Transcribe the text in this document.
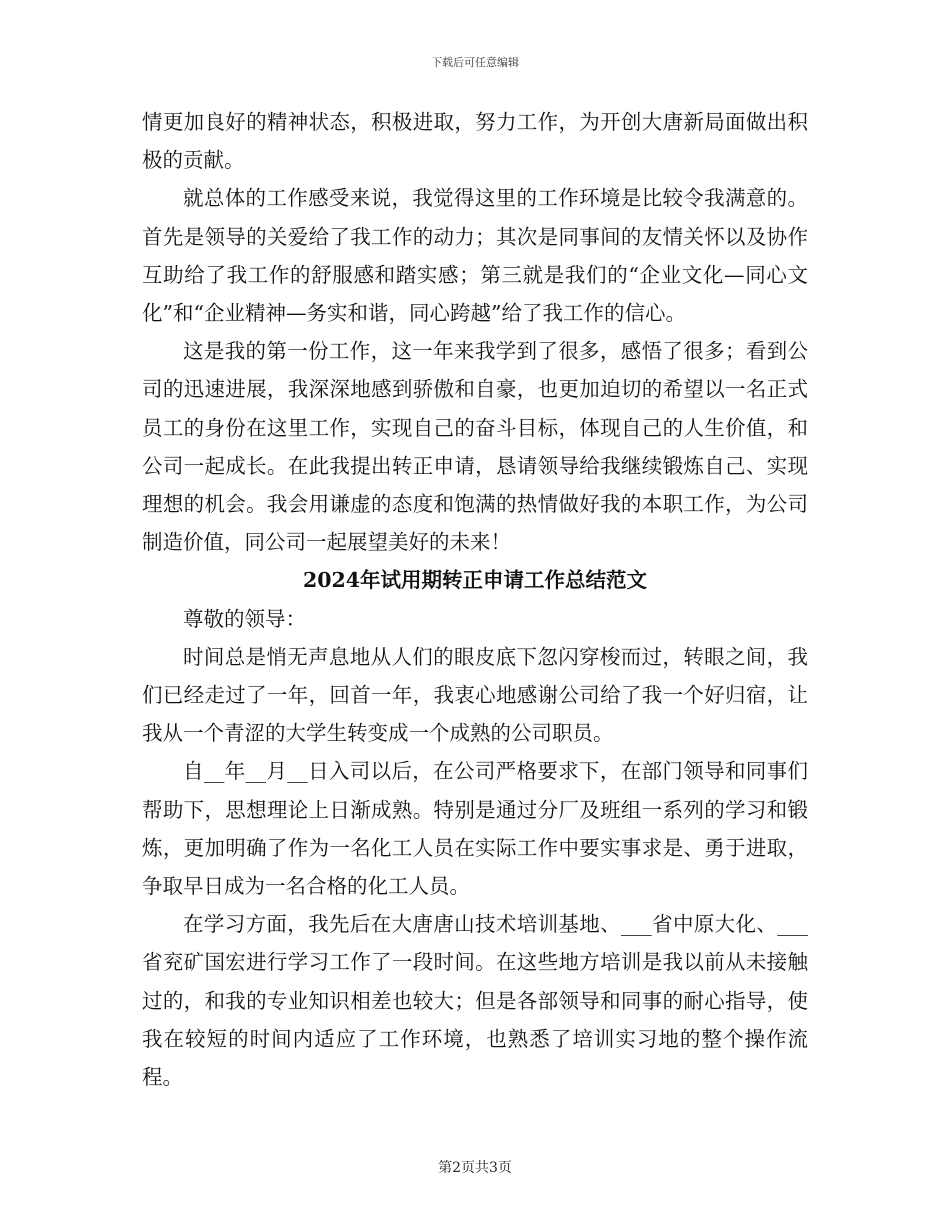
下载后可任意编辑

情更加良好的精神状态，积极进取，努力工作，为开创大唐新局面做出积极的贡献。

就总体的工作感受来说，我觉得这里的工作环境是比较令我满意的。首先是领导的关爱给了我工作的动力；其次是同事间的友情关怀以及协作互助给了我工作的舒服感和踏实感；第三就是我们的“企业文化—同心文化”和“企业精神—务实和谐，同心跨越”给了我工作的信心。

这是我的第一份工作，这一年来我学到了很多，感悟了很多；看到公司的迅速进展，我深深地感到骄傲和自豪，也更加迫切的希望以一名正式员工的身份在这里工作，实现自己的奋斗目标，体现自己的人生价值，和公司一起成长。在此我提出转正申请，恳请领导给我继续锻炼自己、实现理想的机会。我会用谦虚的态度和饱满的热情做好我的本职工作，为公司制造价值，同公司一起展望美好的未来！

2024年试用期转正申请工作总结范文

尊敬的领导：

时间总是悄无声息地从人们的眼皮底下忽闪穿梭而过，转眼之间，我们已经走过了一年，回首一年，我衷心地感谢公司给了我一个好归宿，让我从一个青涩的大学生转变成一个成熟的公司职员。

自__年__月__日入司以后，在公司严格要求下，在部门领导和同事们帮助下，思想理论上日渐成熟。特别是通过分厂及班组一系列的学习和锻炼，更加明确了作为一名化工人员在实际工作中要实事求是、勇于进取，争取早日成为一名合格的化工人员。

在学习方面，我先后在大唐唐山技术培训基地、___省中原大化、___省兖矿国宏进行学习工作了一段时间。在这些地方培训是我以前从未接触过的，和我的专业知识相差也较大；但是各部领导和同事的耐心指导，使我在较短的时间内适应了工作环境，也熟悉了培训实习地的整个操作流程。

第2页共3页
